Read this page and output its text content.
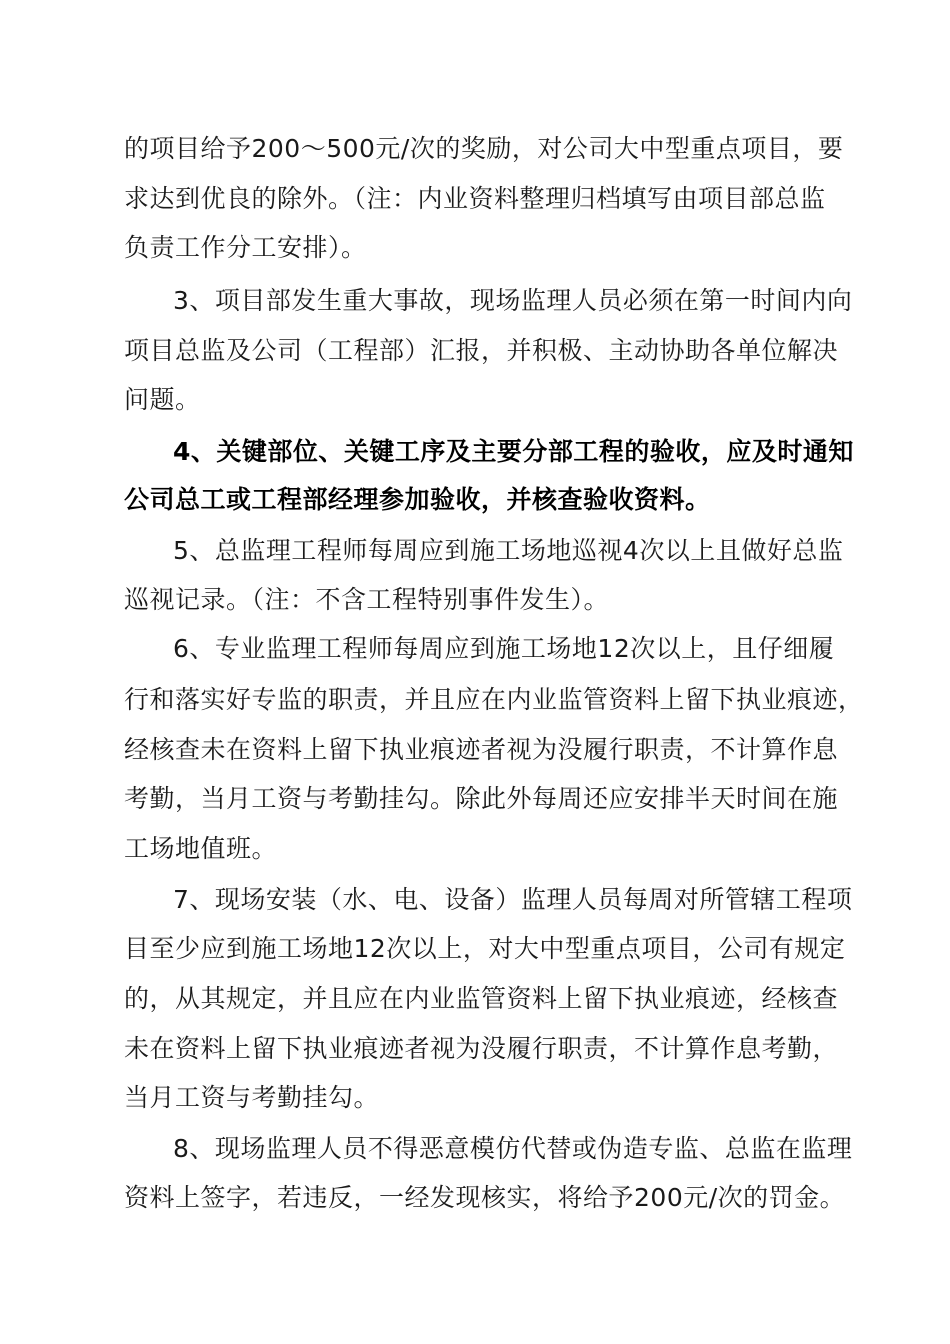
的项目给予200～500元/次的奖励，对公司大中型重点项目，要
求达到优良的除外。（注：内业资料整理归档填写由项目部总监
负责工作分工安排）。
3、项目部发生重大事故，现场监理人员必须在第一时间内向
项目总监及公司（工程部）汇报，并积极、主动协助各单位解决
问题。
4、关键部位、关键工序及主要分部工程的验收，应及时通知
公司总工或工程部经理参加验收，并核查验收资料。
5、总监理工程师每周应到施工场地巡视4次以上且做好总监
巡视记录。（注：不含工程特别事件发生）。
6、专业监理工程师每周应到施工场地12次以上，且仔细履
行和落实好专监的职责，并且应在内业监管资料上留下执业痕迹，
经核查未在资料上留下执业痕迹者视为没履行职责，不计算作息
考勤，当月工资与考勤挂勾。除此外每周还应安排半天时间在施
工场地值班。
7、现场安装（水、电、设备）监理人员每周对所管辖工程项
目至少应到施工场地12次以上，对大中型重点项目，公司有规定
的，从其规定，并且应在内业监管资料上留下执业痕迹，经核查
未在资料上留下执业痕迹者视为没履行职责，不计算作息考勤，
当月工资与考勤挂勾。
8、现场监理人员不得恶意模仿代替或伪造专监、总监在监理
资料上签字，若违反，一经发现核实，将给予200元/次的罚金。
